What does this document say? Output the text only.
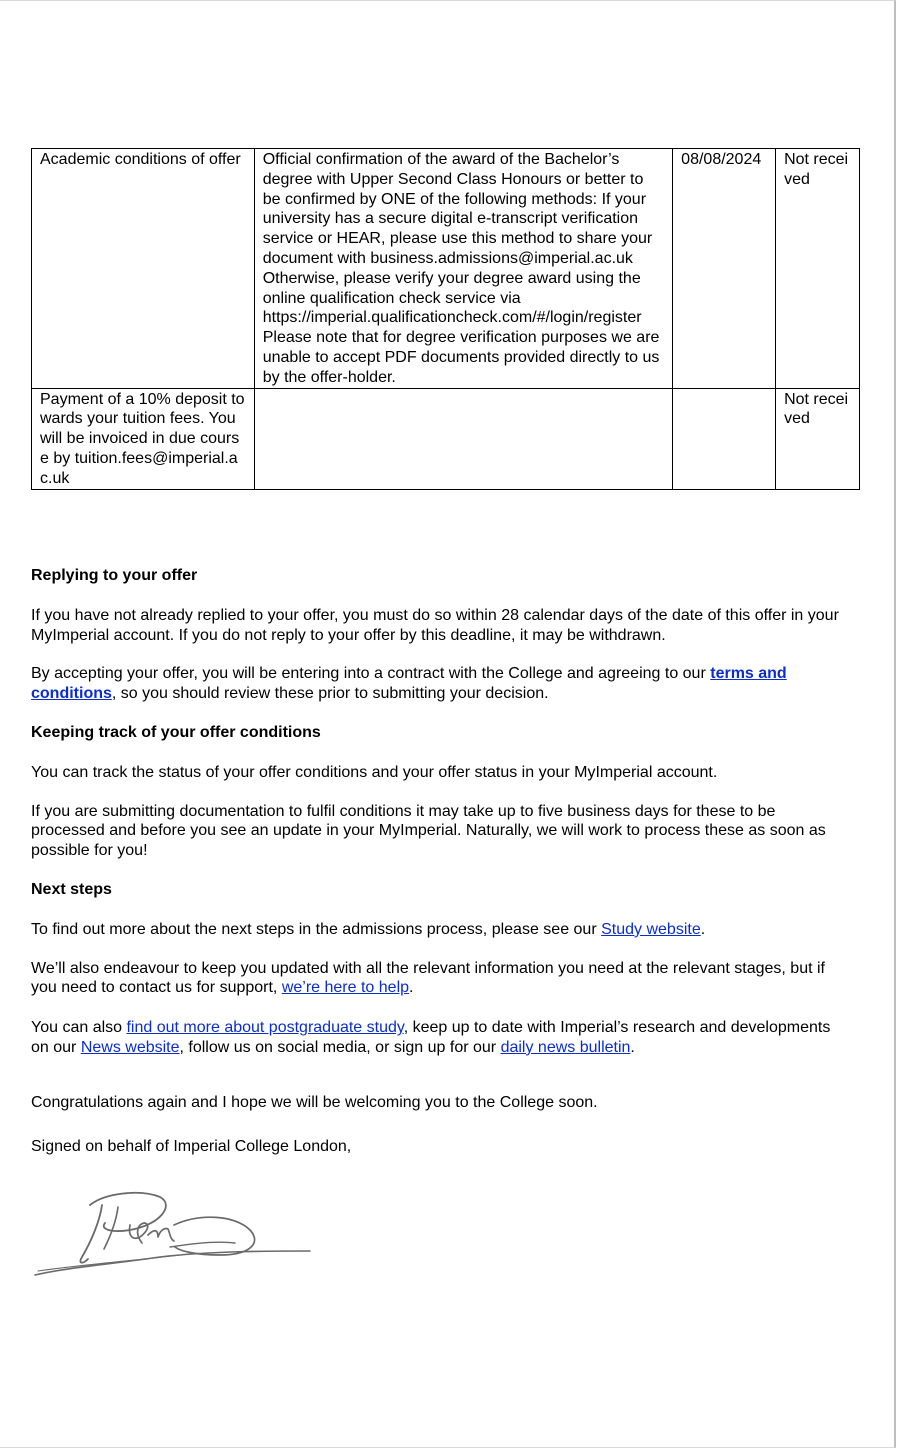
Academic conditions of offer	Official confirmation of the award of the Bachelor’s degree with Upper Second Class Honours or better to be confirmed by ONE of the following methods: If your university has a secure digital e-transcript verification service or HEAR, please use this method to share your document with business.admissions@imperial.ac.uk Otherwise, please verify your degree award using the online qualification check service via https://imperial.qualificationcheck.com/#/login/register Please note that for degree verification purposes we are unable to accept PDF documents provided directly to us by the offer-holder.	08/08/2024	Not received
Payment of a 10% deposit towards your tuition fees. You will be invoiced in due course by tuition.fees@imperial.ac.uk			Not received
Replying to your offer

If you have not already replied to your offer, you must do so within 28 calendar days of the date of this offer in your MyImperial account. If you do not reply to your offer by this deadline, it may be withdrawn.

By accepting your offer, you will be entering into a contract with the College and agreeing to our terms and conditions, so you should review these prior to submitting your decision.

Keeping track of your offer conditions

You can track the status of your offer conditions and your offer status in your MyImperial account.

If you are submitting documentation to fulfil conditions it may take up to five business days for these to be processed and before you see an update in your MyImperial. Naturally, we will work to process these as soon as possible for you!

Next steps

To find out more about the next steps in the admissions process, please see our Study website.

We’ll also endeavour to keep you updated with all the relevant information you need at the relevant stages, but if you need to contact us for support, we’re here to help.

You can also find out more about postgraduate study, keep up to date with Imperial’s research and developments on our News website, follow us on social media, or sign up for our daily news bulletin.

Congratulations again and I hope we will be welcoming you to the College soon.

Signed on behalf of Imperial College London,
